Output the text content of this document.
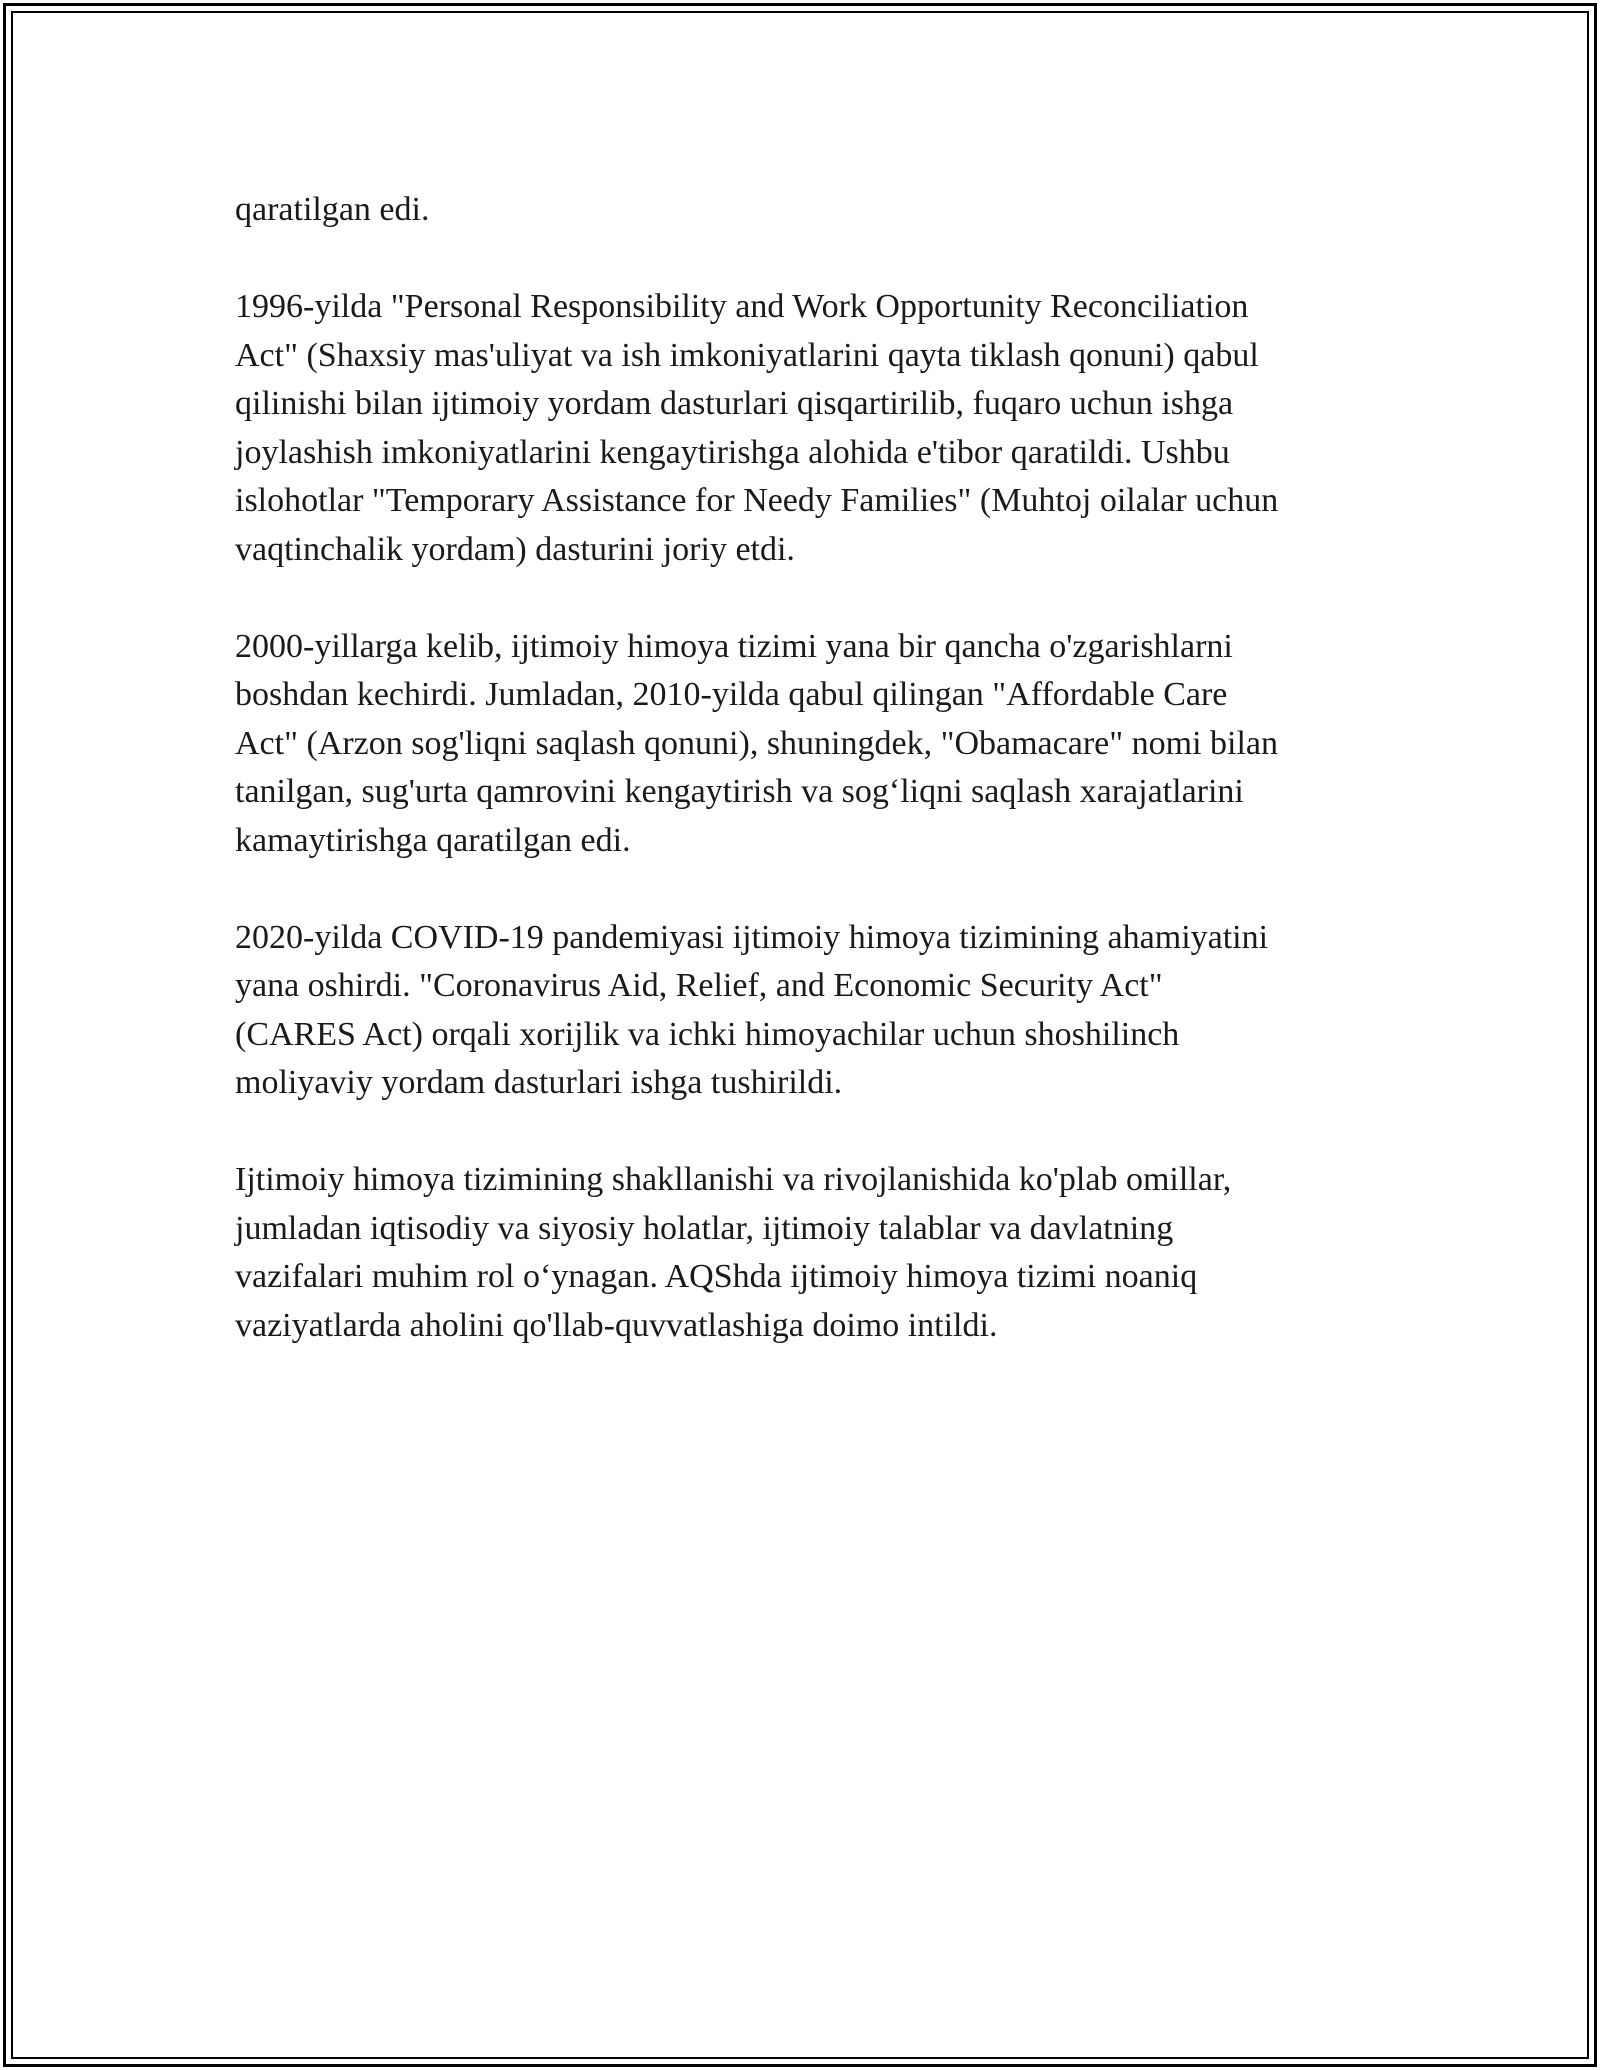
qaratilgan edi.

1996-yilda "Personal Responsibility and Work Opportunity Reconciliation
Act" (Shaxsiy mas'uliyat va ish imkoniyatlarini qayta tiklash qonuni) qabul
qilinishi bilan ijtimoiy yordam dasturlari qisqartirilib, fuqaro uchun ishga
joylashish imkoniyatlarini kengaytirishga alohida e'tibor qaratildi. Ushbu
islohotlar "Temporary Assistance for Needy Families" (Muhtoj oilalar uchun
vaqtinchalik yordam) dasturini joriy etdi.

2000-yillarga kelib, ijtimoiy himoya tizimi yana bir qancha o'zgarishlarni
boshdan kechirdi. Jumladan, 2010-yilda qabul qilingan "Affordable Care
Act" (Arzon sog'liqni saqlash qonuni), shuningdek, "Obamacare" nomi bilan
tanilgan, sug'urta qamrovini kengaytirish va sog‘liqni saqlash xarajatlarini
kamaytirishga qaratilgan edi.

2020-yilda COVID-19 pandemiyasi ijtimoiy himoya tizimining ahamiyatini
yana oshirdi. "Coronavirus Aid, Relief, and Economic Security Act"
(CARES Act) orqali xorijlik va ichki himoyachilar uchun shoshilinch
moliyaviy yordam dasturlari ishga tushirildi.

Ijtimoiy himoya tizimining shakllanishi va rivojlanishida ko'plab omillar,
jumladan iqtisodiy va siyosiy holatlar, ijtimoiy talablar va davlatning
vazifalari muhim rol o‘ynagan. AQShda ijtimoiy himoya tizimi noaniq
vaziyatlarda aholini qo'llab-quvvatlashiga doimo intildi.
